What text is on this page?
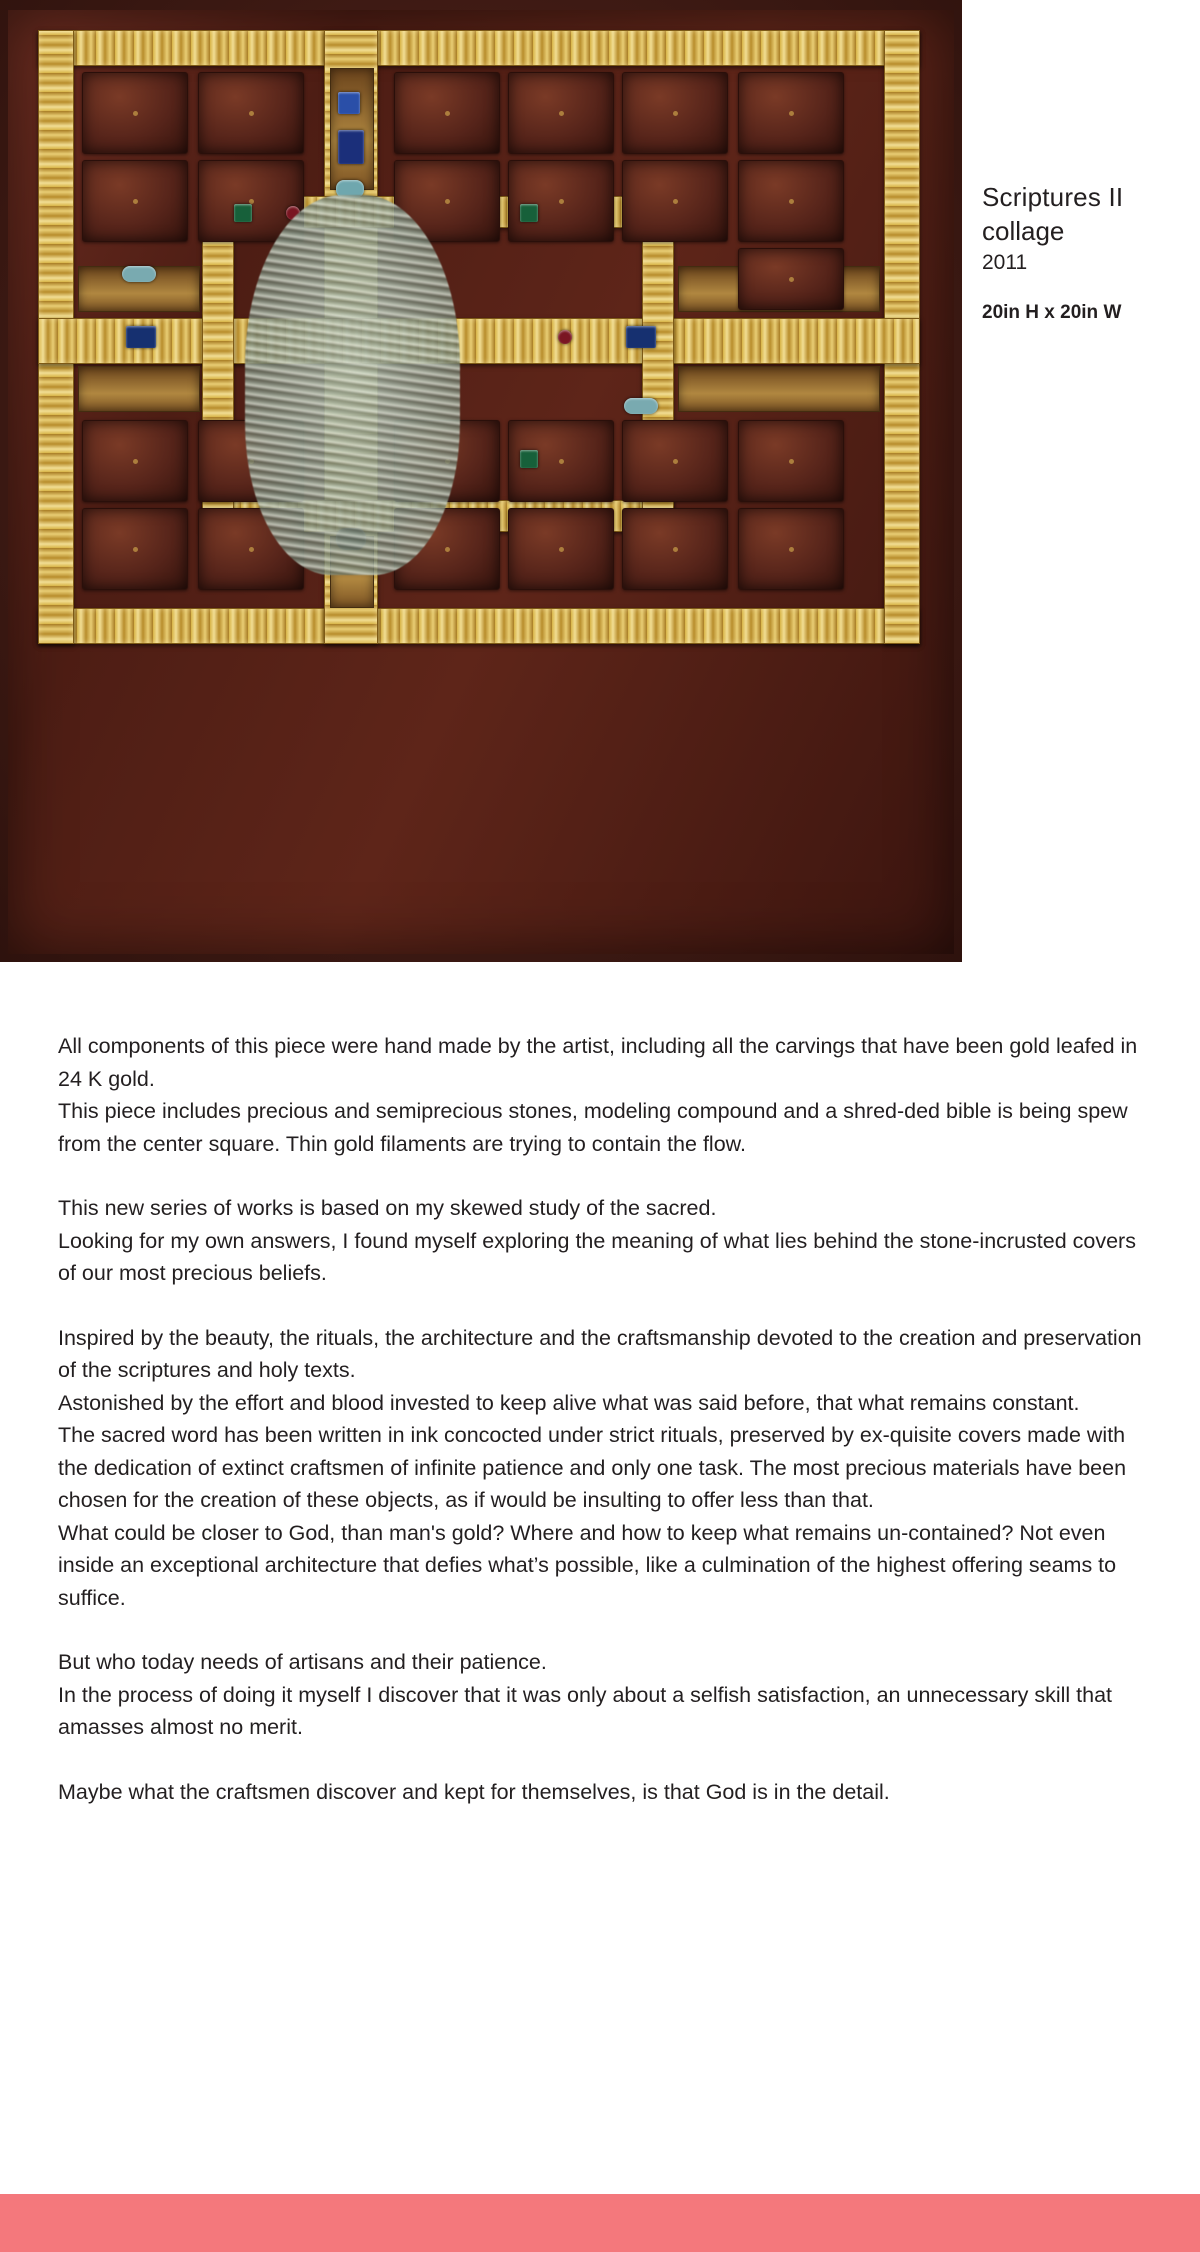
Scriptures II
collage
2011
20in H x 20in W

All components of this piece were hand made by the artist, including all the carvings that have been gold leafed in 24 K gold.

This piece includes precious and semiprecious stones, modeling compound and a shred-ded bible is being spew from the center square. Thin gold filaments are trying to contain the flow.

This new series of works is based on my skewed study of the sacred.

Looking for my own answers, I found myself exploring the meaning of what lies behind the stone-incrusted covers of our most precious beliefs.

Inspired by the beauty, the rituals, the architecture and the craftsmanship devoted to the creation and preservation of the scriptures and holy texts.

Astonished by the effort and blood invested to keep alive what was said before, that what remains constant.

The sacred word has been written in ink concocted under strict rituals, preserved by ex-quisite covers made with the dedication of extinct craftsmen of infinite patience and only one task. The most precious materials have been chosen for the creation of these objects, as if would be insulting to offer less than that.

What could be closer to God, than man's gold? Where and how to keep what remains un-contained? Not even inside an exceptional architecture that defies what’s possible, like a culmination of the highest offering seams to suffice.

But who today needs of artisans and their patience.

In the process of doing it myself I discover that it was only about a selfish satisfaction, an unnecessary skill that amasses almost no merit.

Maybe what the craftsmen discover and kept for themselves, is that God is in the detail.
